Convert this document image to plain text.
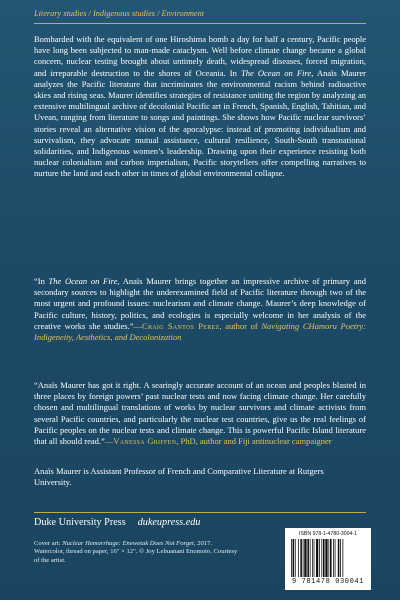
Literary studies / Indigenous studies / Environment

Bombarded with the equivalent of one Hiroshima bomb a day for half a century, Pacific people have long been subjected to man-made cataclysm. Well before climate change became a global concern, nuclear testing brought about untimely death, widespread diseases, forced migration, and irreparable destruction to the shores of Oceania. In The Ocean on Fire, Anaïs Maurer analyzes the Pacific literature that incriminates the environmental racism behind radioactive skies and rising seas. Maurer identifies strategies of resistance uniting the region by analyzing an extensive multilingual archive of decolonial Pacific art in French, Spanish, English, Tahitian, and Uvean, ranging from literature to songs and paintings. She shows how Pacific nuclear survivors’ stories reveal an alternative vision of the apocalypse: instead of promoting individualism and survivalism, they advocate mutual assistance, cultural resilience, South-South transnational solidarities, and Indigenous women’s leadership. Drawing upon their experience resisting both nuclear colonialism and carbon imperialism, Pacific storytellers offer compelling narratives to nurture the land and each other in times of global environmental collapse.

“In The Ocean on Fire, Anaïs Maurer brings together an impressive archive of primary and secondary sources to highlight the underexamined field of Pacific literature through two of the most urgent and profound issues: nuclearism and climate change. Maurer’s deep knowledge of Pacific culture, history, politics, and ecologies is especially welcome in her analysis of the creative works she studies.”—Craig Santos Perez, author of Navigating CHamoru Poetry: Indigeneity, Aesthetics, and Decolonization

“Anaïs Maurer has got it right. A searingly accurate account of an ocean and peoples blasted in three places by foreign powers’ past nuclear tests and now facing climate change. Her carefully chosen and multilingual translations of works by nuclear survivors and climate activists from several Pacific countries, and particularly the nuclear test countries, give us the real feelings of Pacific peoples on the nuclear tests and climate change. This is powerful Pacific Island literature that all should read.”—Vanessa Griffen, PhD, author and Fiji antinuclear campaigner

Anaïs Maurer is Assistant Professor of French and Comparative Literature at Rutgers University.

Duke University Press dukeupress.edu
Cover art: Nuclear Hemorrhage: Enewetak Does Not Forget, 2017. Watercolor, thread on paper, 16" × 12". © Joy Lehuanani Enomoto. Courtesy of the artist.
ISBN 978-1-4780-3004-1
9 781478 030041
